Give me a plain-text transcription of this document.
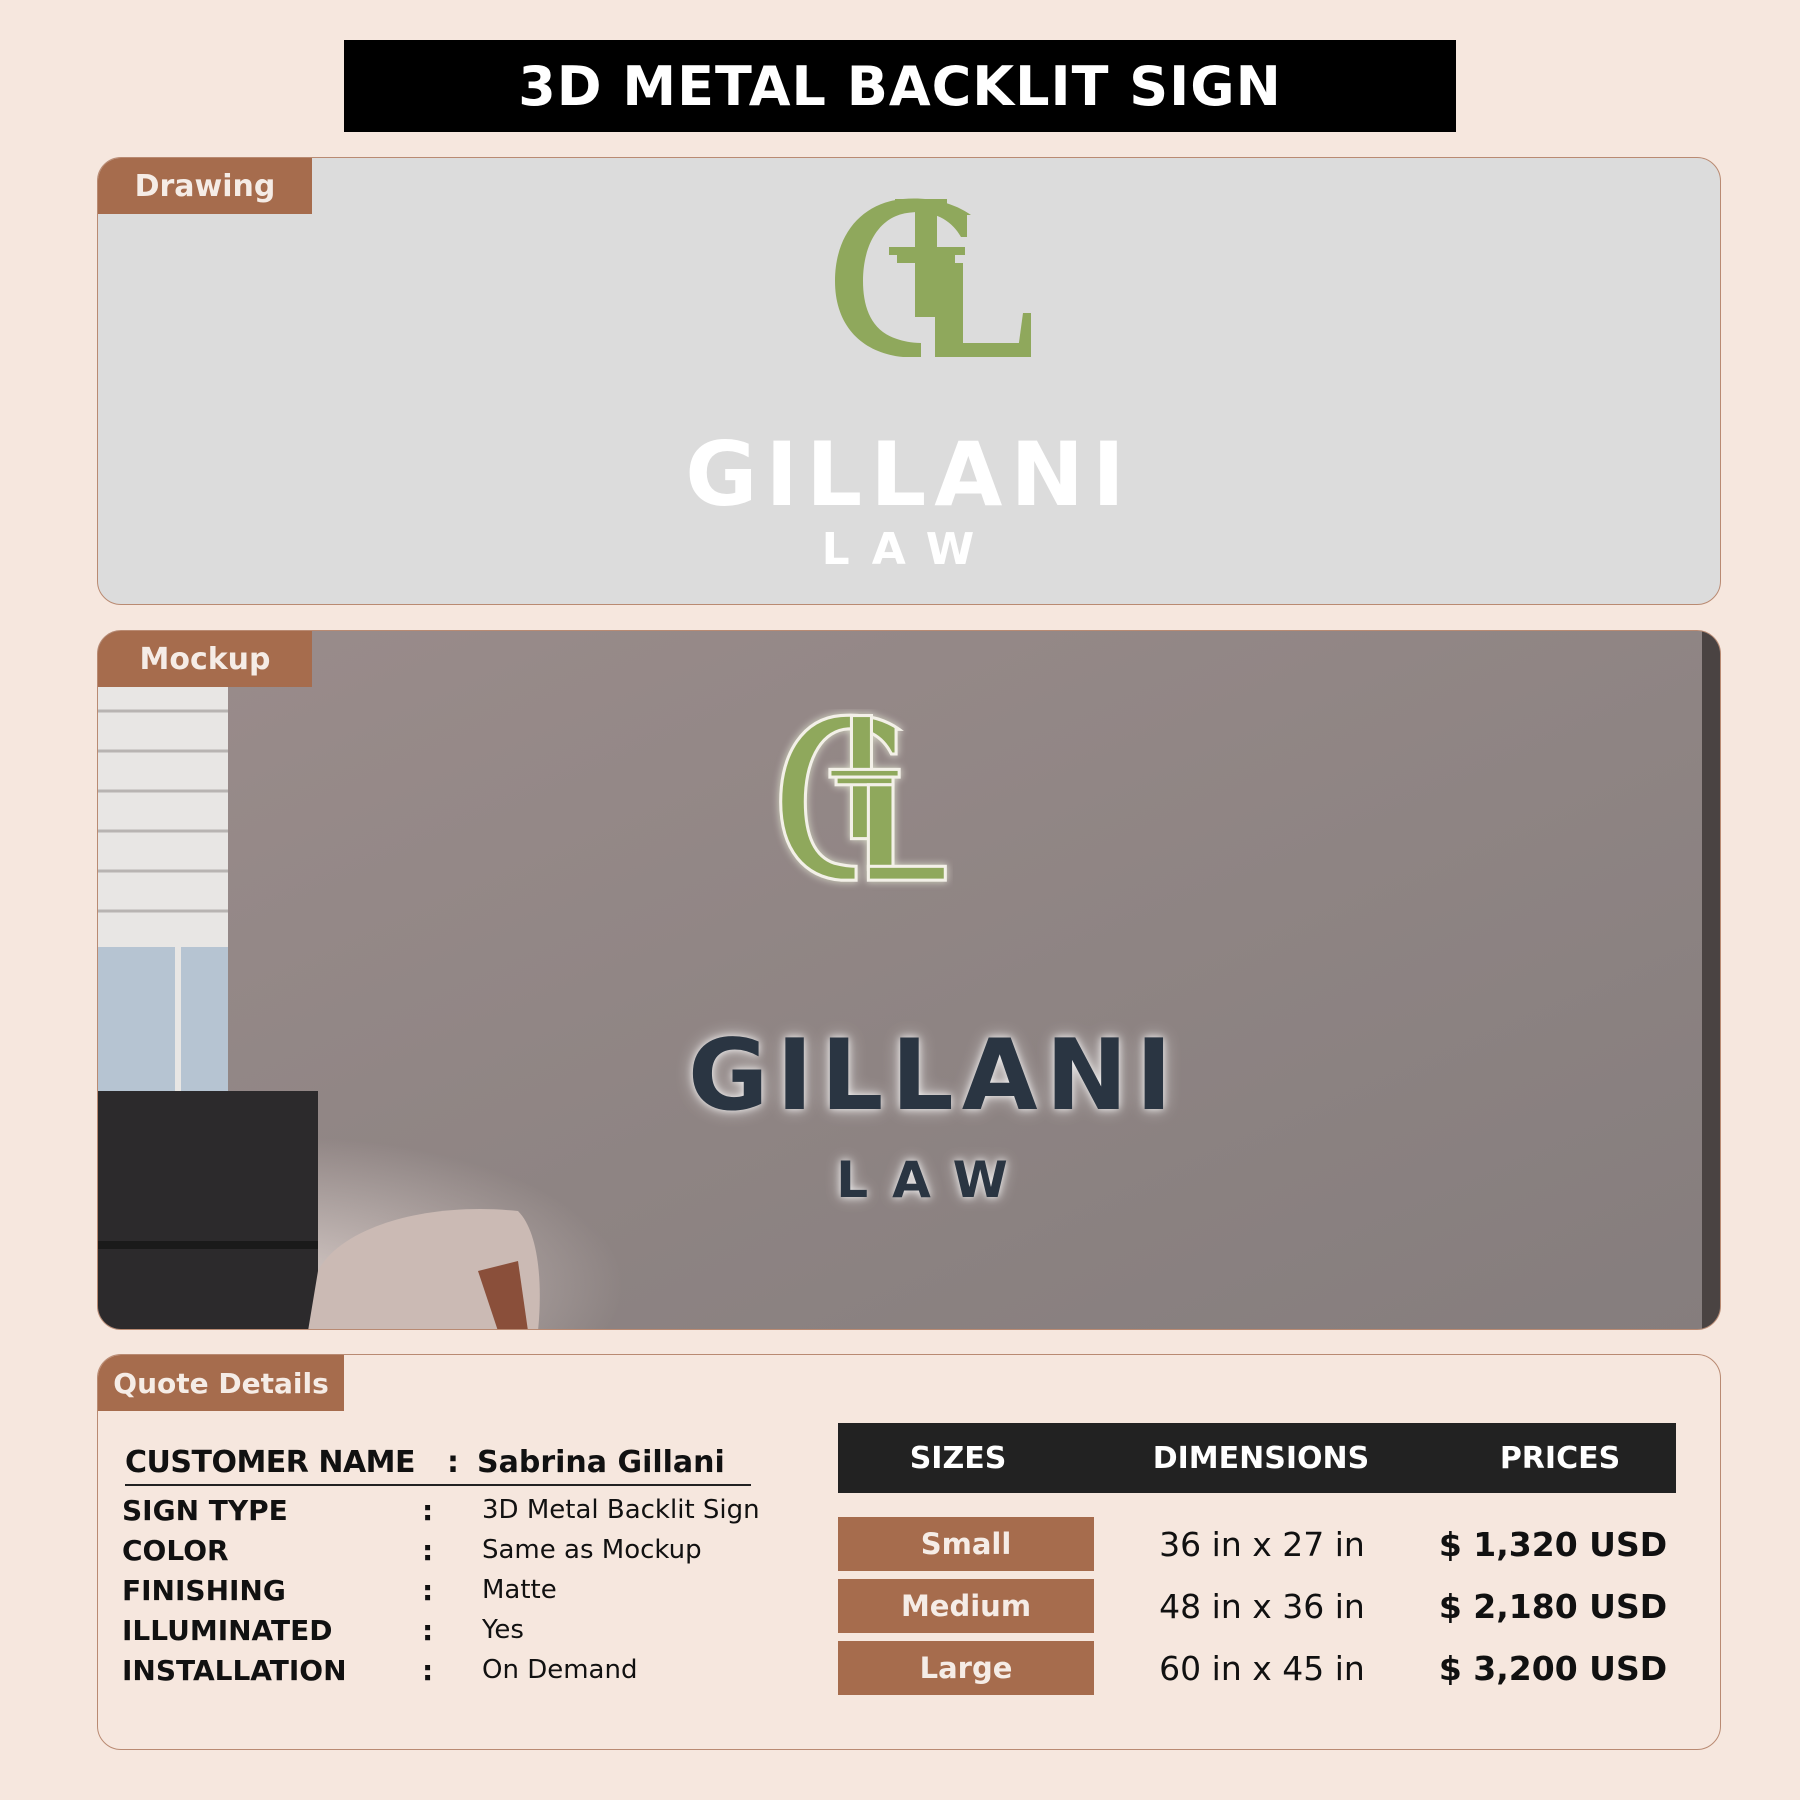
3D METAL BACKLIT SIGN
Drawing
GILLANI
LAW
Mockup
GILLANI
LAW
Quote Details
CUSTOMER NAME	: Sabrina Gillani
SIGN TYPE	:	3D Metal Backlit Sign
COLOR	:	Same as Mockup
FINISHING	:	Matte
ILLUMINATED	:	Yes
INSTALLATION	:	On Demand
SIZES	DIMENSIONS	PRICES
Small	36 in x 27 in	$ 1,320 USD
Medium	48 in x 36 in	$ 2,180 USD
Large	60 in x 45 in	$ 3,200 USD
